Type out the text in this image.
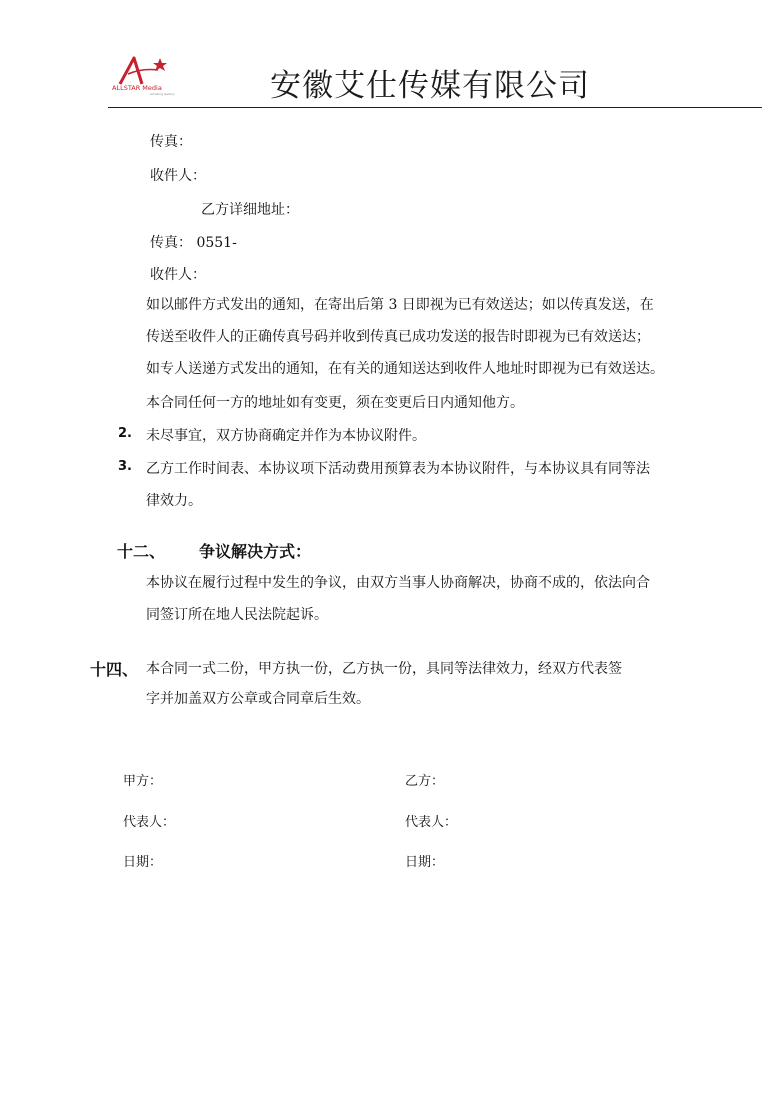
ALLSTAR Media
Amazing Gallery	安徽艾仕传媒有限公司
传真：
收件人：
乙方详细地址：
传真： 0551-
收件人：
如以邮件方式发出的通知，在寄出后第 3 日即视为已有效送达；如以传真发送，在
传送至收件人的正确传真号码并收到传真已成功发送的报告时即视为已有效送达；
如专人送递方式发出的通知，在有关的通知送达到收件人地址时即视为已有效送达。
本合同任何一方的地址如有变更，须在变更后日内通知他方。
2. 未尽事宜，双方协商确定并作为本协议附件。
3. 乙方工作时间表、本协议项下活动费用预算表为本协议附件，与本协议具有同等法
律效力。
十二、 争议解决方式：
本协议在履行过程中发生的争议，由双方当事人协商解决，协商不成的，依法向合
同签订所在地人民法院起诉。
十四、 本合同一式二份，甲方执一份，乙方执一份，具同等法律效力，经双方代表签
字并加盖双方公章或合同章后生效。
甲方：	乙方：
代表人：	代表人：
日期：	日期：
